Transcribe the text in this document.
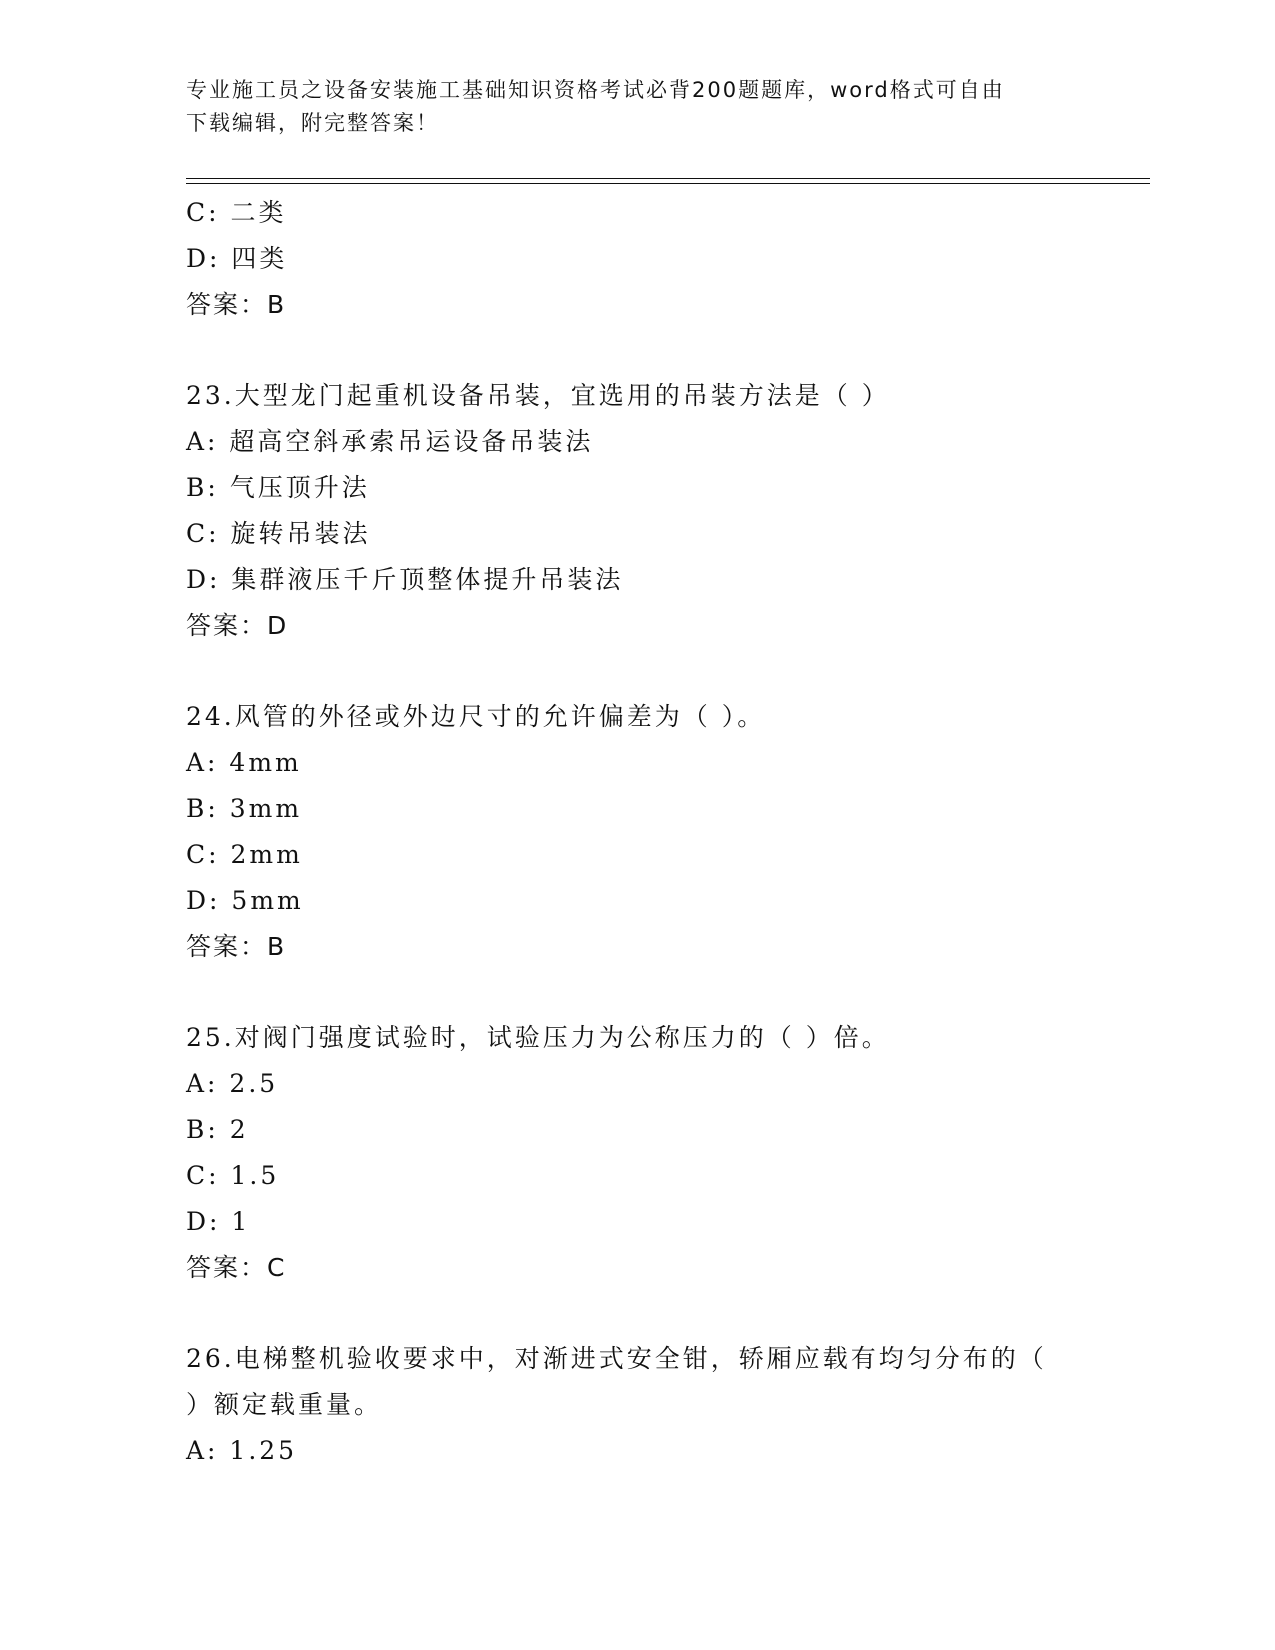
专业施工员之设备安装施工基础知识资格考试必背200题题库，word格式可自由
下载编辑，附完整答案！
C: 二类
D: 四类
答案：B
23.大型龙门起重机设备吊装，宜选用的吊装方法是（ ）
A: 超高空斜承索吊运设备吊装法
B: 气压顶升法
C: 旋转吊装法
D: 集群液压千斤顶整体提升吊装法
答案：D
24.风管的外径或外边尺寸的允许偏差为（ ）。
A: 4mm
B: 3mm
C: 2mm
D: 5mm
答案：B
25.对阀门强度试验时，试验压力为公称压力的（ ）倍。
A: 2.5
B: 2
C: 1.5
D: 1
答案：C
26.电梯整机验收要求中，对渐进式安全钳，轿厢应载有均匀分布的（
）额定载重量。
A: 1.25
